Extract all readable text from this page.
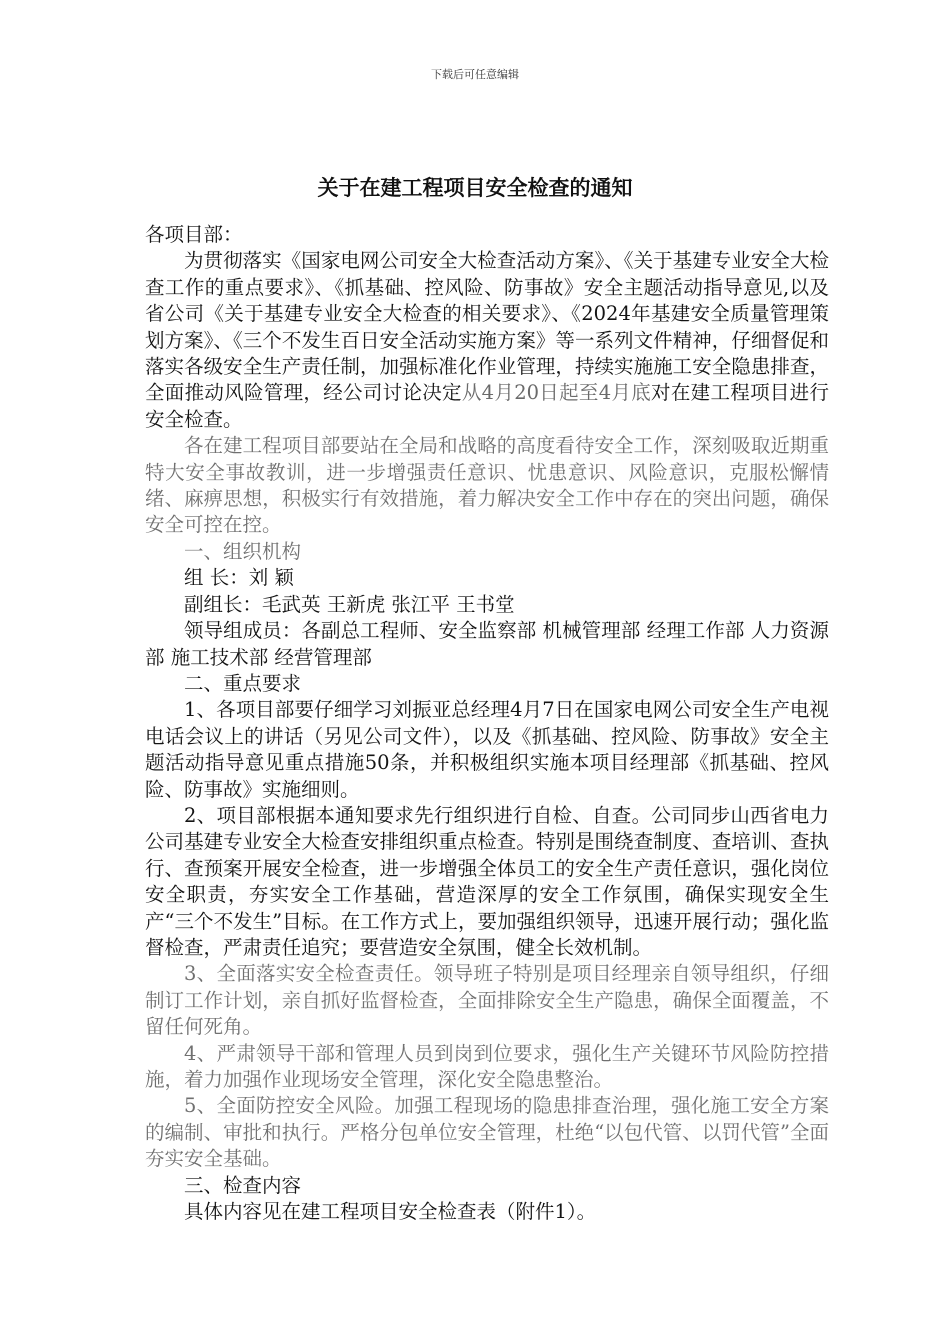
下载后可任意编辑
关于在建工程项目安全检查的通知

各项目部：

为贯彻落实《国家电网公司安全大检查活动方案》、《关于基建专业安全大检查工作的重点要求》、《抓基础、控风险、防事故》安全主题活动指导意见,以及省公司《关于基建专业安全大检查的相关要求》、《2024年基建安全质量管理策划方案》、《三个不发生百日安全活动实施方案》等一系列文件精神，仔细督促和落实各级安全生产责任制，加强标准化作业管理，持续实施施工安全隐患排查，全面推动风险管理，经公司讨论决定从4月20日起至4月底对在建工程项目进行安全检查。

各在建工程项目部要站在全局和战略的高度看待安全工作，深刻吸取近期重特大安全事故教训，进一步增强责任意识、忧患意识、风险意识，克服松懈情绪、麻痹思想，积极实行有效措施，着力解决安全工作中存在的突出问题，确保安全可控在控。

一、组织机构

组 长：刘 颖

副组长：毛武英 王新虎 张江平 王书堂

领导组成员：各副总工程师、安全监察部 机械管理部 经理工作部 人力资源部 施工技术部 经营管理部

二、重点要求

1、各项目部要仔细学习刘振亚总经理4月7日在国家电网公司安全生产电视电话会议上的讲话（另见公司文件），以及《抓基础、控风险、防事故》安全主题活动指导意见重点措施50条，并积极组织实施本项目经理部《抓基础、控风险、防事故》实施细则。

2、项目部根据本通知要求先行组织进行自检、自查。公司同步山西省电力公司基建专业安全大检查安排组织重点检查。特别是围绕查制度、查培训、查执行、查预案开展安全检查，进一步增强全体员工的安全生产责任意识，强化岗位安全职责，夯实安全工作基础，营造深厚的安全工作氛围，确保实现安全生产“三个不发生”目标。在工作方式上，要加强组织领导，迅速开展行动；强化监督检查，严肃责任追究；要营造安全氛围，健全长效机制。

3、全面落实安全检查责任。领导班子特别是项目经理亲自领导组织，仔细制订工作计划，亲自抓好监督检查，全面排除安全生产隐患，确保全面覆盖，不留任何死角。

4、严肃领导干部和管理人员到岗到位要求，强化生产关键环节风险防控措施，着力加强作业现场安全管理，深化安全隐患整治。

5、全面防控安全风险。加强工程现场的隐患排查治理，强化施工安全方案的编制、审批和执行。严格分包单位安全管理，杜绝“以包代管、以罚代管”全面夯实安全基础。

三、检查内容

具体内容见在建工程项目安全检查表（附件1）。
